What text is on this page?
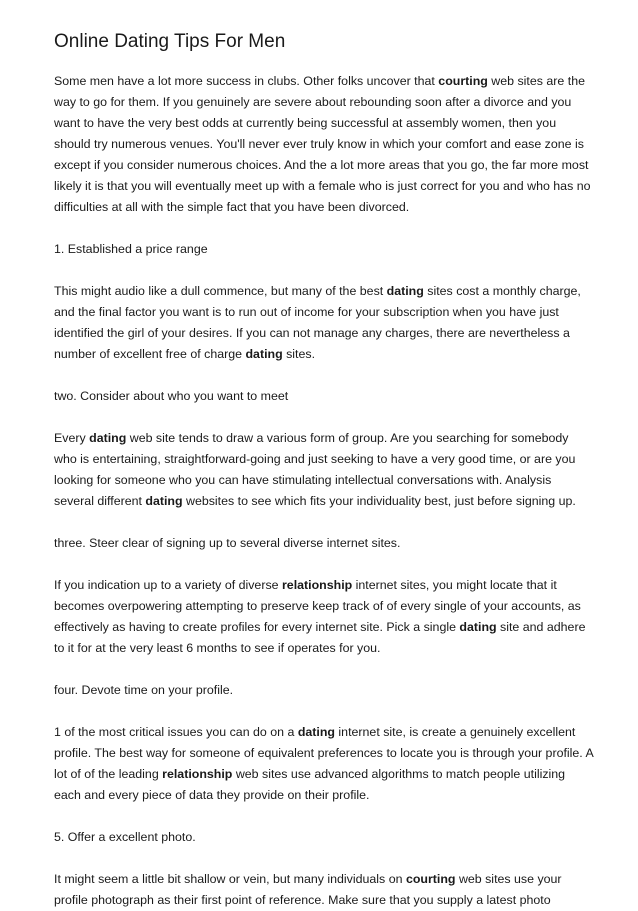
Online Dating Tips For Men
Some men have a lot more success in clubs. Other folks uncover that courting web sites are the way to go for them. If you genuinely are severe about rebounding soon after a divorce and you want to have the very best odds at currently being successful at assembly women, then you should try numerous venues. You'll never ever truly know in which your comfort and ease zone is except if you consider numerous choices. And the a lot more areas that you go, the far more most likely it is that you will eventually meet up with a female who is just correct for you and who has no difficulties at all with the simple fact that you have been divorced.
1. Established a price range
This might audio like a dull commence, but many of the best dating sites cost a monthly charge, and the final factor you want is to run out of income for your subscription when you have just identified the girl of your desires. If you can not manage any charges, there are nevertheless a number of excellent free of charge dating sites.
two. Consider about who you want to meet
Every dating web site tends to draw a various form of group. Are you searching for somebody who is entertaining, straightforward-going and just seeking to have a very good time, or are you looking for someone who you can have stimulating intellectual conversations with. Analysis several different dating websites to see which fits your individuality best, just before signing up.
three. Steer clear of signing up to several diverse internet sites.
If you indication up to a variety of diverse relationship internet sites, you might locate that it becomes overpowering attempting to preserve keep track of of every single of your accounts, as effectively as having to create profiles for every internet site. Pick a single dating site and adhere to it for at the very least 6 months to see if operates for you.
four. Devote time on your profile.
1 of the most critical issues you can do on a dating internet site, is create a genuinely excellent profile. The best way for someone of equivalent preferences to locate you is through your profile. A lot of of the leading relationship web sites use advanced algorithms to match people utilizing each and every piece of data they provide on their profile.
5. Offer a excellent photo.
It might seem a little bit shallow or vein, but many individuals on courting web sites use your profile photograph as their first point of reference. Make sure that you supply a latest photo
